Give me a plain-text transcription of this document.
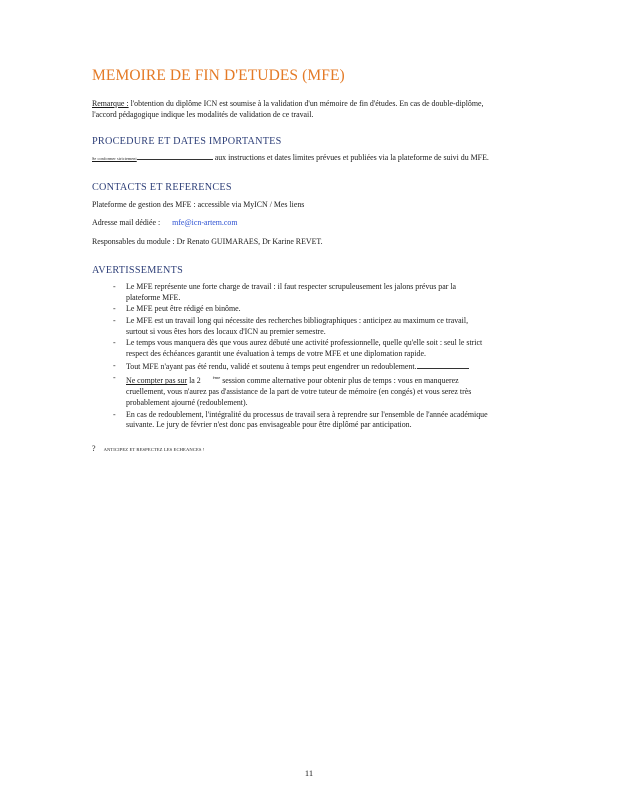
MEMOIRE DE FIN D'ETUDES (MFE)
Remarque : l'obtention du diplôme ICN est soumise à la validation d'un mémoire de fin d'études. En cas de double-diplôme, l'accord pédagogique indique les modalités de validation de ce travail.
PROCEDURE ET DATES IMPORTANTES
Se conformer strictement	aux instructions et dates limites prévues et publiées via la plateforme de suivi du MFE.
CONTACTS ET REFERENCES
Plateforme de gestion des MFE : accessible via MyICN / Mes liens
Adresse mail dédiée : mfe@icn-artem.com
Responsables du module : Dr Renato GUIMARAES, Dr Karine REVET.
AVERTISSEMENTS
- Le MFE représente une forte charge de travail : il faut respecter scrupuleusement les jalons prévus par la plateforme MFE.
- Le MFE peut être rédigé en binôme.
- Le MFE est un travail long qui nécessite des recherches bibliographiques : anticipez au maximum ce travail, surtout si vous êtes hors des locaux d'ICN au premier semestre.
- Le temps vous manquera dès que vous aurez débuté une activité professionnelle, quelle qu'elle soit : seul le strict respect des échéances garantit une évaluation à temps de votre MFE et une diplomation rapide.
- Tout MFE n'ayant pas été rendu, validé et soutenu à temps peut engendrer un redoublement.
- Ne compter pas sur la 2	$^{ème}$ session comme alternative pour obtenir plus de temps : vous en manquerez cruellement, vous n'aurez pas d'assistance de la part de votre tuteur de mémoire (en congés) et vous serez très probablement ajourné (redoublement).
- En cas de redoublement, l'intégralité du processus de travail sera à reprendre sur l'ensemble de l'année académique suivante. Le jury de février n'est donc pas envisageable pour être diplômé par anticipation.
? ANTICIPEZ ET RESPECTEZ LES ECHEANCES !
11
